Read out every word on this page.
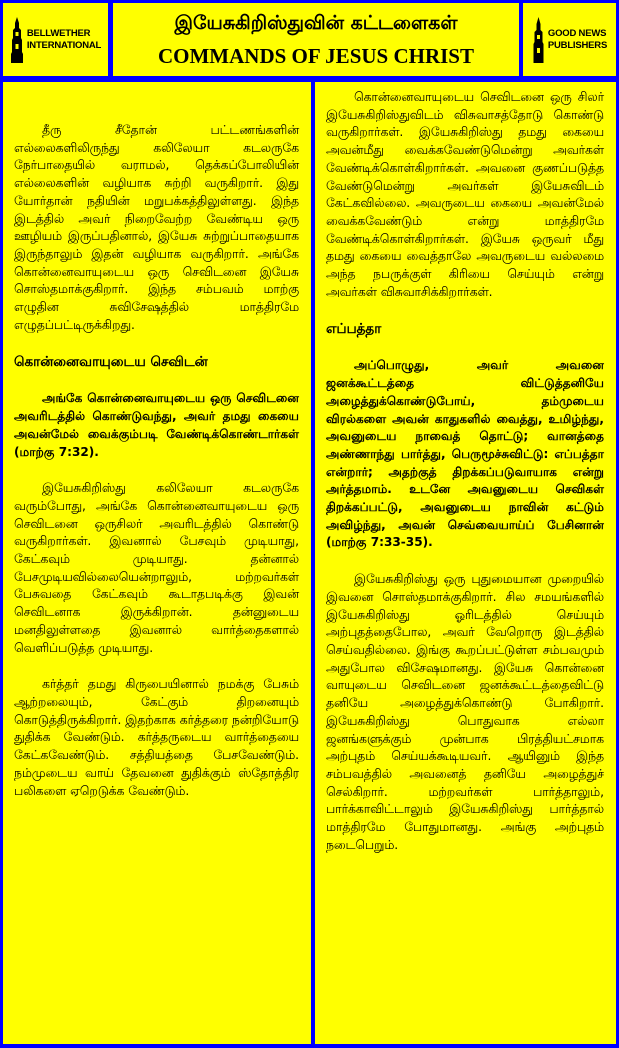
BELLWETHER
INTERNATIONAL
இயேசுகிறிஸ்துவின் கட்டளைகள்
COMMANDS OF JESUS CHRIST
GOOD NEWS
PUBLISHERS

தீரு சீதோன் பட்டணங்களின் எல்லைகளிலிருந்து கலிலேயா கடலருகே நேர்பாதையில் வராமல், தெக்கப்போலியின் எல்லைகளின் வழியாக சுற்றி வருகிறார். இது யோர்தான் நதியின் மறுபக்கத்திலுள்ளது. இந்த இடத்தில் அவர் நிறைவேற்ற வேண்டிய ஒரு ஊழியம் இருப்பதினால், இயேசு சுற்றுப்பாதையாக இருந்தாலும் இதன் வழியாக வருகிறார். அங்கே கொன்னைவாயுடைய ஒரு செவிடனை இயேசு சொஸ்தமாக்குகிறார். இந்த சம்பவம் மாற்கு எழுதின சுவிசேஷத்தில் மாத்திரமே எழுதப்பட்டிருக்கிறது.

கொன்னைவாயுடைய செவிடன்

அங்கே கொன்னைவாயுடைய ஒரு செவிடனை அவரிடத்தில் கொண்டுவந்து, அவர் தமது கையை அவன்மேல் வைக்கும்படி வேண்டிக்கொண்டார்கள் (மாற்கு 7:32).

இயேசுகிறிஸ்து கலிலேயா கடலருகே வரும்போது, அங்கே கொன்னைவாயுடைய ஒரு செவிடனை ஒருசிலர் அவரிடத்தில் கொண்டு வருகிறார்கள். இவனால் பேசவும் முடியாது, கேட்கவும் முடியாது. தன்னால் பேசமுடியவில்லையென்றாலும், மற்றவர்கள் பேசுவதை கேட்கவும் கூடாதபடிக்கு இவன் செவிடனாக இருக்கிறான். தன்னுடைய மனதிலுள்ளதை இவனால் வார்த்தைகளால் வெளிப்படுத்த முடியாது.

கர்த்தர் தமது கிருபையினால் நமக்கு பேசும் ஆற்றலையும், கேட்கும் திறனையும் கொடுத்திருக்கிறார். இதற்காக கர்த்தரை நன்றியோடு துதிக்க வேண்டும். கர்த்தருடைய வார்த்தையை கேட்கவேண்டும். சத்தியத்தை பேசவேண்டும். நம்முடைய வாய் தேவனை துதிக்கும் ஸ்தோத்திர பலிகளை ஏறெடுக்க வேண்டும்.

கொன்னைவாயுடைய செவிடனை ஒரு சிலர் இயேசுகிறிஸ்துவிடம் விசுவாசத்தோடு கொண்டு வருகிறார்கள். இயேசுகிறிஸ்து தமது கையை அவன்மீது வைக்கவேண்டுமென்று அவர்கள் வேண்டிக்கொள்கிறார்கள். அவனை குணப்படுத்த வேண்டுமென்று அவர்கள் இயேசுவிடம் கேட்கவில்லை. அவருடைய கையை அவன்மேல் வைக்கவேண்டும் என்று மாத்திரமே வேண்டிக்கொள்கிறார்கள். இயேசு ஒருவர் மீது தமது கையை வைத்தாலே அவருடைய வல்லமை அந்த நபருக்குள் கிரியை செய்யும் என்று அவர்கள் விசுவாசிக்கிறார்கள்.

எப்பத்தா

அப்பொழுது, அவர் அவனை ஜனக்கூட்டத்தை விட்டுத்தனியே அழைத்துக்கொண்டுபோய், தம்முடைய விரல்களை அவன் காதுகளில் வைத்து, உமிழ்ந்து, அவனுடைய நாவைத் தொட்டு; வானத்தை அண்ணாந்து பார்த்து, பெருமூச்சுவிட்டு: எப்பத்தா என்றார்; அதற்குத் திறக்கப்படுவாயாக என்று அர்த்தமாம். உடனே அவனுடைய செவிகள் திறக்கப்பட்டு, அவனுடைய நாவின் கட்டும் அவிழ்ந்து, அவன் செவ்வையாய்ப் பேசினான் (மாற்கு 7:33-35).

இயேசுகிறிஸ்து ஒரு புதுமையான முறையில் இவனை சொஸ்தமாக்குகிறார். சில சமயங்களில் இயேசுகிறிஸ்து ஓரிடத்தில் செய்யும் அற்புதத்தைபோல, அவர் வேறொரு இடத்தில் செய்வதில்லை. இங்கு கூறப்பட்டுள்ள சம்பவமும் அதுபோல விசேஷமானது. இயேசு கொன்னை வாயுடைய செவிடனை ஜனக்கூட்டத்தைவிட்டு தனியே அழைத்துக்கொண்டு போகிறார். இயேசுகிறிஸ்து பொதுவாக எல்லா ஜனங்களுக்கும் முன்பாக பிரத்தியட்சமாக அற்புதம் செய்யக்கூடியவர். ஆயினும் இந்த சம்பவத்தில் அவனைத் தனியே அழைத்துச் செல்கிறார். மற்றவர்கள் பார்த்தாலும், பார்க்காவிட்டாலும் இயேசுகிறிஸ்து பார்த்தால் மாத்திரமே போதுமானது. அங்கு அற்புதம் நடைபெறும்.
